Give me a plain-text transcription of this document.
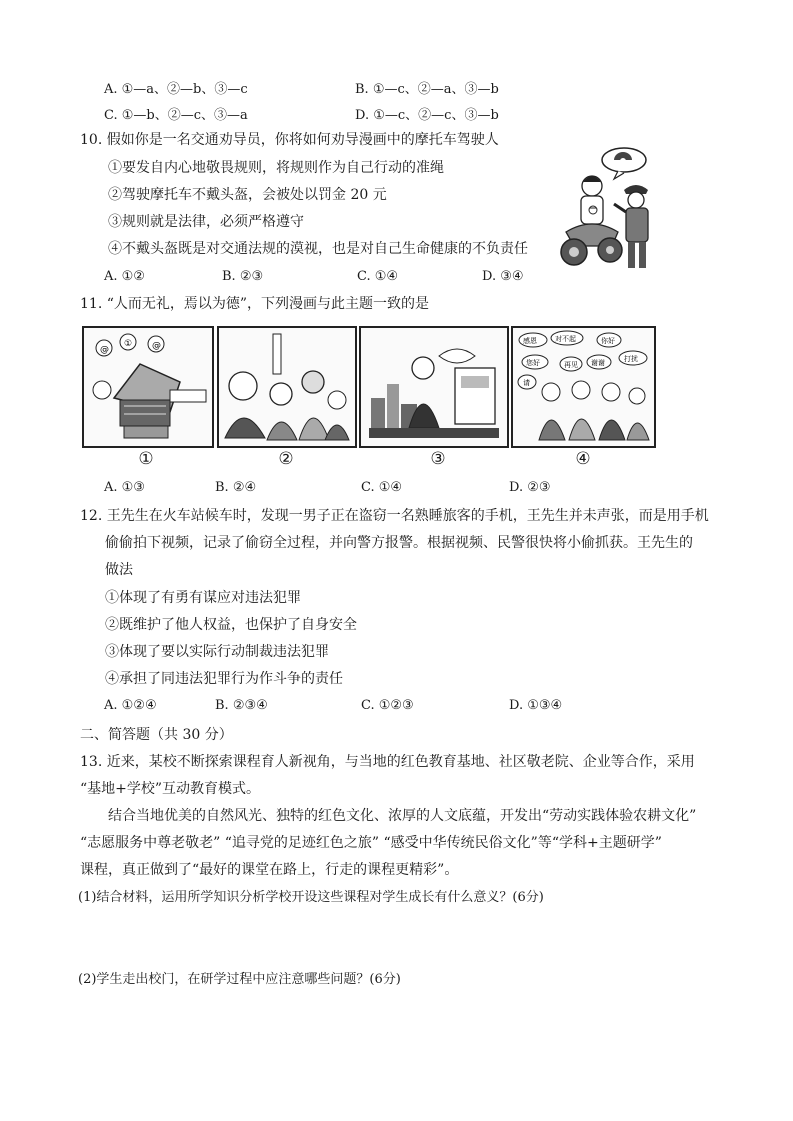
A. ①—a、②—b、③—c	B. ①—c、②—a、③—b
C. ①—b、②—c、③—a	D. ①—c、②—c、③—b
10. 假如你是一名交通劝导员，你将如何劝导漫画中的摩托车驾驶人
①要发自内心地敬畏规则，将规则作为自己行动的准绳
②驾驶摩托车不戴头盔，会被处以罚金 20 元
③规则就是法律，必须严格遵守
④不戴头盔既是对交通法规的漠视，也是对自己生命健康的不负责任
A. ①②	B. ②③	C. ①④	D. ③④
11. “人而无礼，焉以为德”，下列漫画与此主题一致的是
@
① @	感恩	对不起	你好
您好	谢谢	打扰
再见
请
①	②	③	④
A. ①③	B. ②④	C. ①④	D. ②③
12. 王先生在火车站候车时，发现一男子正在盗窃一名熟睡旅客的手机，王先生并未声张，而是用手机
偷偷拍下视频，记录了偷窃全过程，并向警方报警。根据视频、民警很快将小偷抓获。王先生的
做法
①体现了有勇有谋应对违法犯罪
②既维护了他人权益，也保护了自身安全
③体现了要以实际行动制裁违法犯罪
④承担了同违法犯罪行为作斗争的责任
A. ①②④	B. ②③④	C. ①②③	D. ①③④
二、简答题（共 30 分）
13. 近来，某校不断探索课程育人新视角，与当地的红色教育基地、社区敬老院、企业等合作，采用
“基地+学校”互动教育模式。
结合当地优美的自然风光、独特的红色文化、浓厚的人文底蕴，开发出“劳动实践体验农耕文化”
“志愿服务中尊老敬老” “追寻党的足迹红色之旅” “感受中华传统民俗文化”等“学科+主题研学”
课程，真正做到了“最好的课堂在路上，行走的课程更精彩”。
(1)结合材料，运用所学知识分析学校开设这些课程对学生成长有什么意义？(6分)
(2)学生走出校门，在研学过程中应注意哪些问题？(6分)
